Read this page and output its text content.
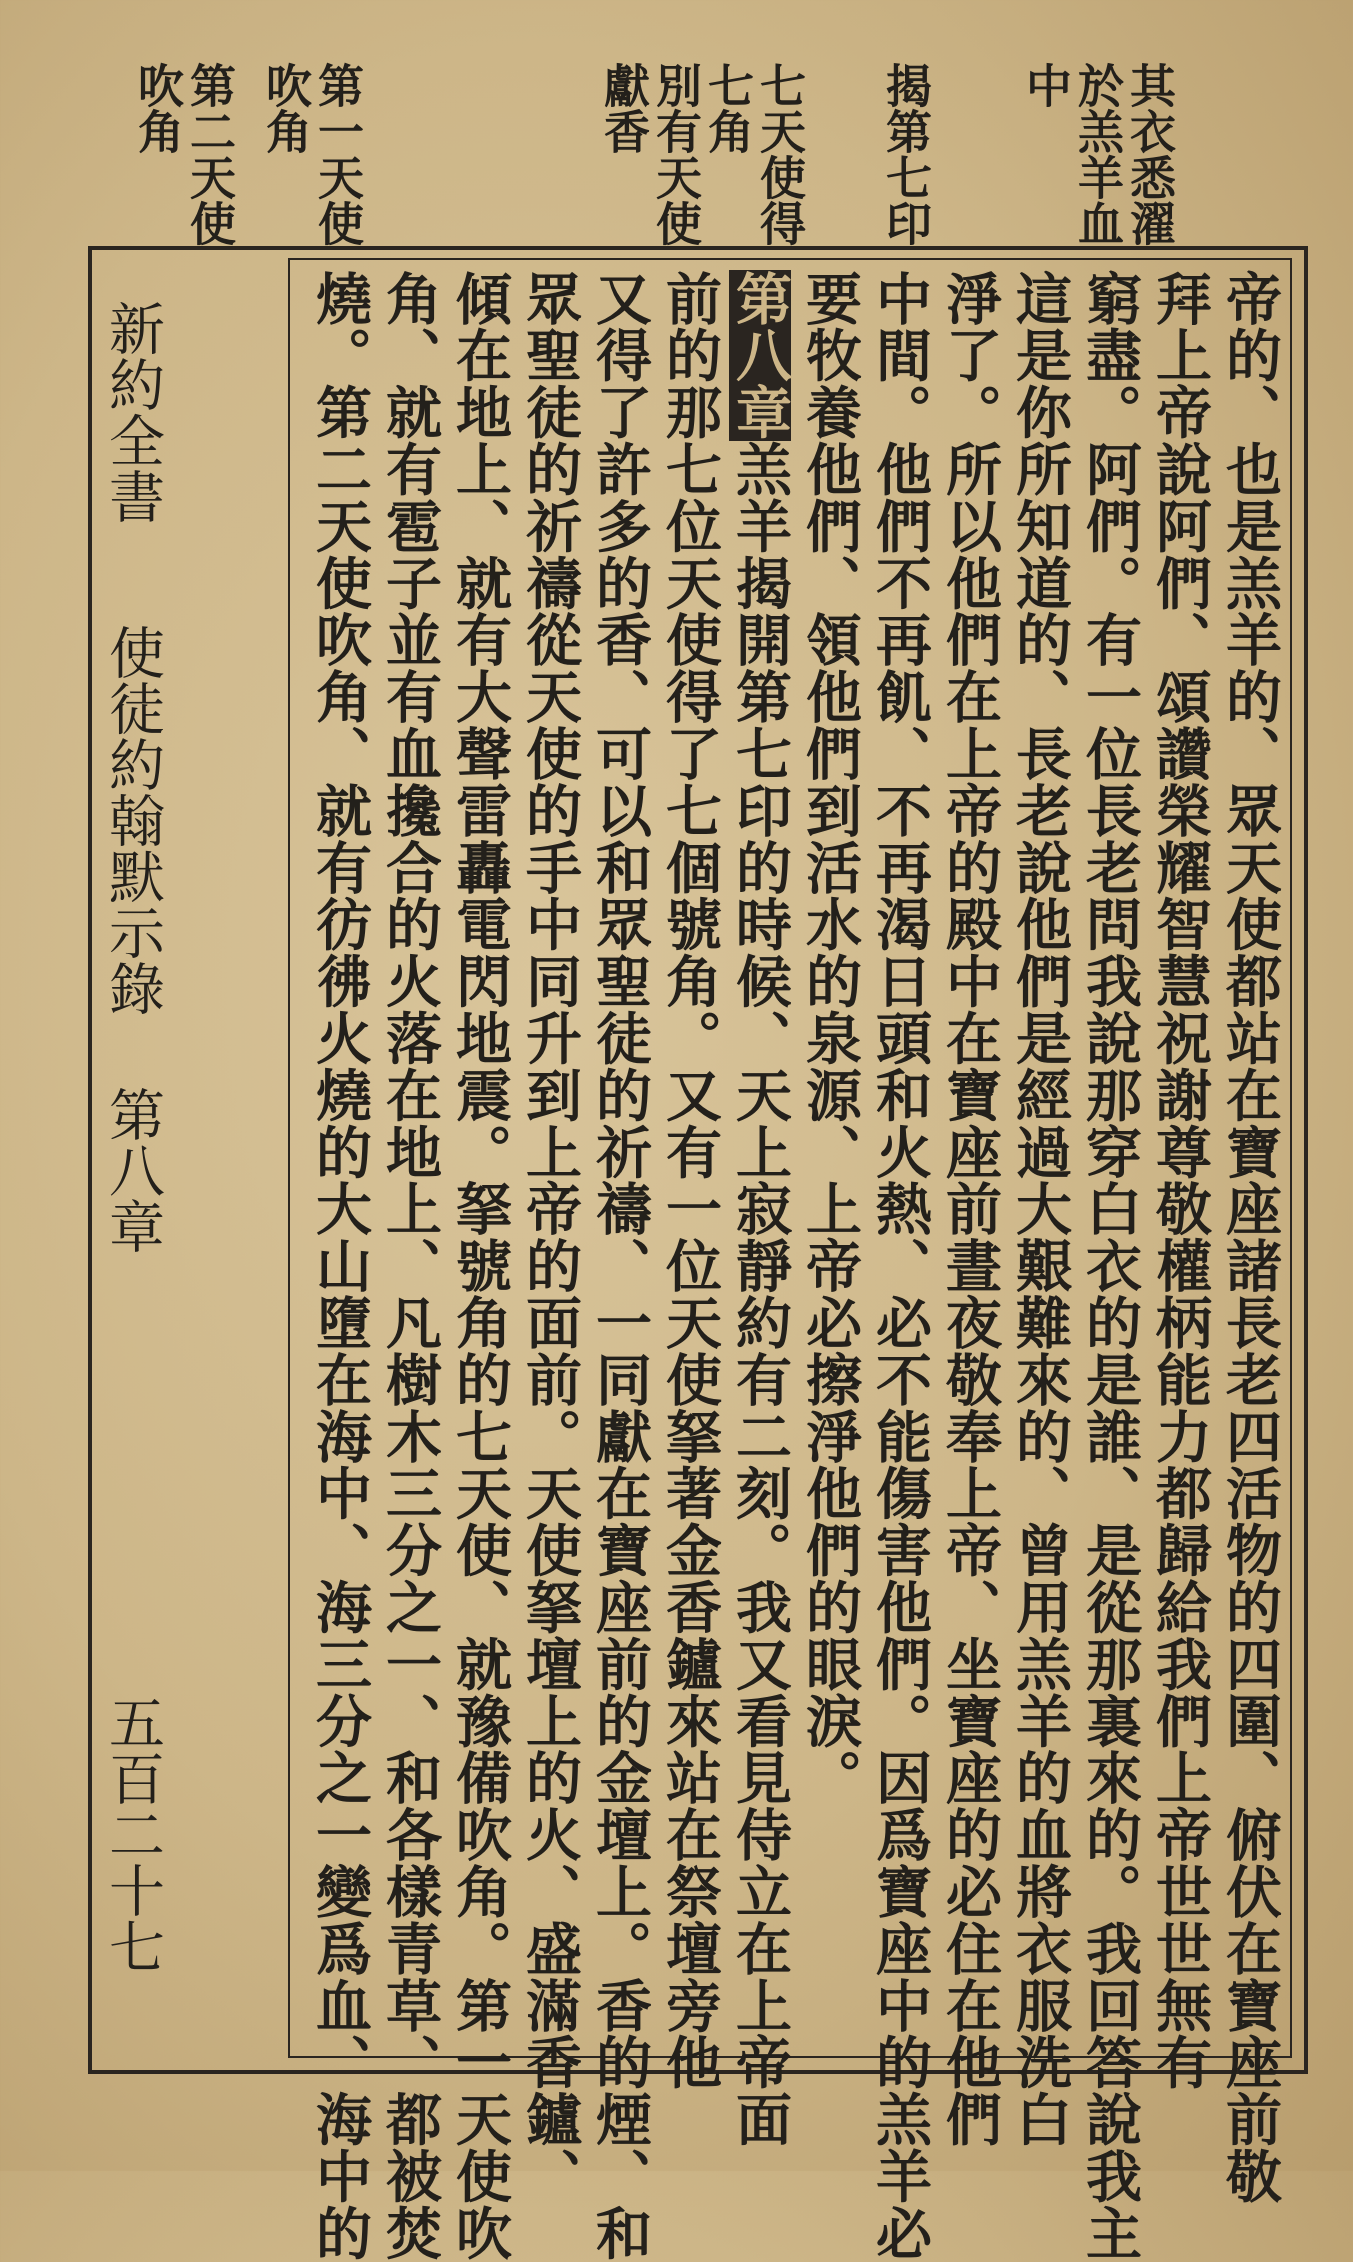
其衣悉濯
於羔羊血
中
揭第七印
七天使得
七角
別有天使
獻香
第一天使
吹角
第二天使
吹角
帝的、也是羔羊的、眾天使都站在寶座諸長老四活物的四圍、俯伏在寶座前敬
拜上帝說阿們、頌讚榮耀智慧祝謝尊敬權柄能力都歸給我們上帝世世無有
窮盡。阿們。有一位長老問我說那穿白衣的是誰、是從那裏來的。我回答說我主
這是你所知道的、長老說他們是經過大艱難來的、曾用羔羊的血將衣服洗白
淨了。所以他們在上帝的殿中在寶座前晝夜敬奉上帝、坐寶座的必住在他們
中間。他們不再飢、不再渴日頭和火熱、必不能傷害他們。因爲寶座中的羔羊必
要牧養他們、領他們到活水的泉源、上帝必擦淨他們的眼淚。
第八章羔羊揭開第七印的時候、天上寂靜約有二刻。我又看見侍立在上帝面
前的那七位天使得了七個號角。又有一位天使拏著金香鑪來站在祭壇旁他
又得了許多的香、可以和眾聖徒的祈禱、一同獻在寶座前的金壇上。香的煙、和
眾聖徒的祈禱從天使的手中同升到上帝的面前。天使拏壇上的火、盛滿香鑪、
傾在地上、就有大聲雷轟電閃地震。拏號角的七天使、就豫備吹角。第一天使吹
角、就有雹子並有血攙合的火落在地上、凡樹木三分之一、和各樣青草、都被焚
燒。第二天使吹角、就有彷彿火燒的大山墮在海中、海三分之一變爲血、海中的
新約全書使徒約翰默示錄第八章五百二十七
